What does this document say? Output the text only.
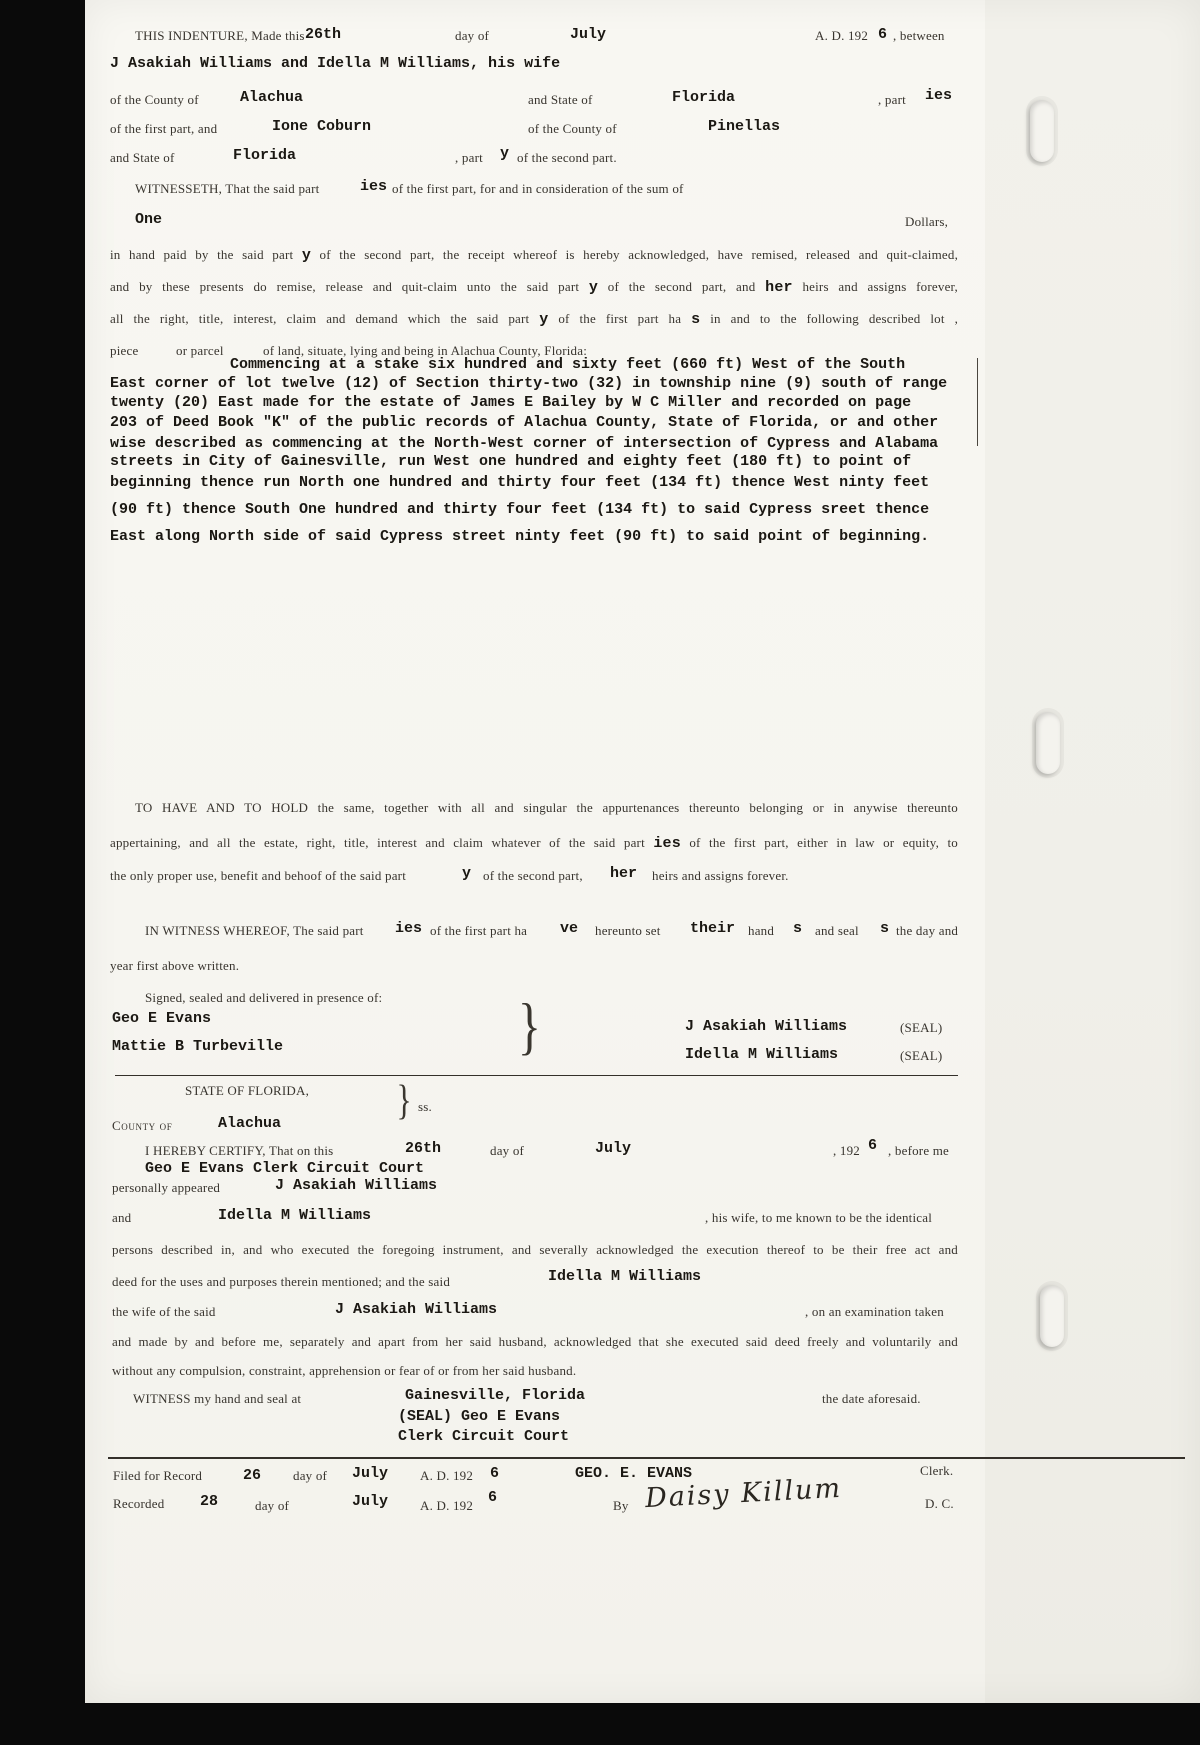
THIS INDENTURE, Made this 26th	day of	July	A. D. 192 6 , between
J Asakiah Williams and Idella M Williams, his wife
of the County of	Alachua	and State of	Florida	, part ies
of the first part, and	Ione Coburn	of the County of	Pinellas
and State of	Florida	, part y of the second part.
WITNESSETH, That the said part	ies of the first part, for and in consideration of the sum of
One	Dollars,
in hand paid by the said part y of the second part, the receipt whereof is hereby acknowledged, have remised, released and quit-claimed,
and by these presents do remise, release and quit-claim unto the said part y of the second part, and her heirs and assigns forever,
all the right, title, interest, claim and demand which the said part y of the first part ha s in and to the following described lot ,
piece	or parcel	of land, situate, lying and being in Alachua County, Florida:
Commencing at a stake six hundred and sixty feet (660 ft) West of the South
East corner of lot twelve (12) of Section thirty-two (32) in township nine (9) south of range
twenty (20) East made for the estate of James E Bailey by W C Miller and recorded on page
203 of Deed Book "K" of the public records of Alachua County, State of Florida, or and other
wise described as commencing at the North-West corner of intersection of Cypress and Alabama
streets in City of Gainesville, run West one hundred and eighty feet (180 ft) to point of
beginning thence run North one hundred and thirty four feet (134 ft) thence West ninty feet
(90 ft) thence South One hundred and thirty four feet (134 ft) to said Cypress sreet thence
East along North side of said Cypress street ninty feet (90 ft) to said point of beginning.
TO HAVE AND TO HOLD the same, together with all and singular the appurtenances thereunto belonging or in anywise thereunto
appertaining, and all the estate, right, title, interest and claim whatever of the said part ies of the first part, either in law or equity, to
the only proper use, benefit and behoof of the said part	y of the second part, her heirs and assigns forever.
IN WITNESS WHEREOF, The said part ies of the first part ha ve hereunto set their hand s and seal s the day and
year first above written.
Signed, sealed and delivered in presence of:
Geo E Evans
Mattie B Turbeville	}	J Asakiah Williams	(SEAL)
Idella M Williams	(SEAL)
STATE OF FLORIDA, } ss.
County of	Alachua
I HEREBY CERTIFY, That on this	26th	day of	July	, 192 6 , before me
Geo E Evans Clerk Circuit Court
personally appeared	J Asakiah Williams
and	Idella M Williams	, his wife, to me known to be the identical
persons described in, and who executed the foregoing instrument, and severally acknowledged the execution thereof to be their free act and
deed for the uses and purposes therein mentioned; and the said	Idella M Williams
the wife of the said	J Asakiah Williams	, on an examination taken
and made by and before me, separately and apart from her said husband, acknowledged that she executed said deed freely and voluntarily and
without any compulsion, constraint, apprehension or fear of or from her said husband.
WITNESS my hand and seal at	Gainesville, Florida	the date aforesaid.
(SEAL) Geo E Evans
Clerk Circuit Court
Filed for Record	26 day of July A. D. 192 6	GEO. E. EVANS	Clerk.
Recorded 28	day of	July A. D. 192 6	By Daisy Killum	D. C.
